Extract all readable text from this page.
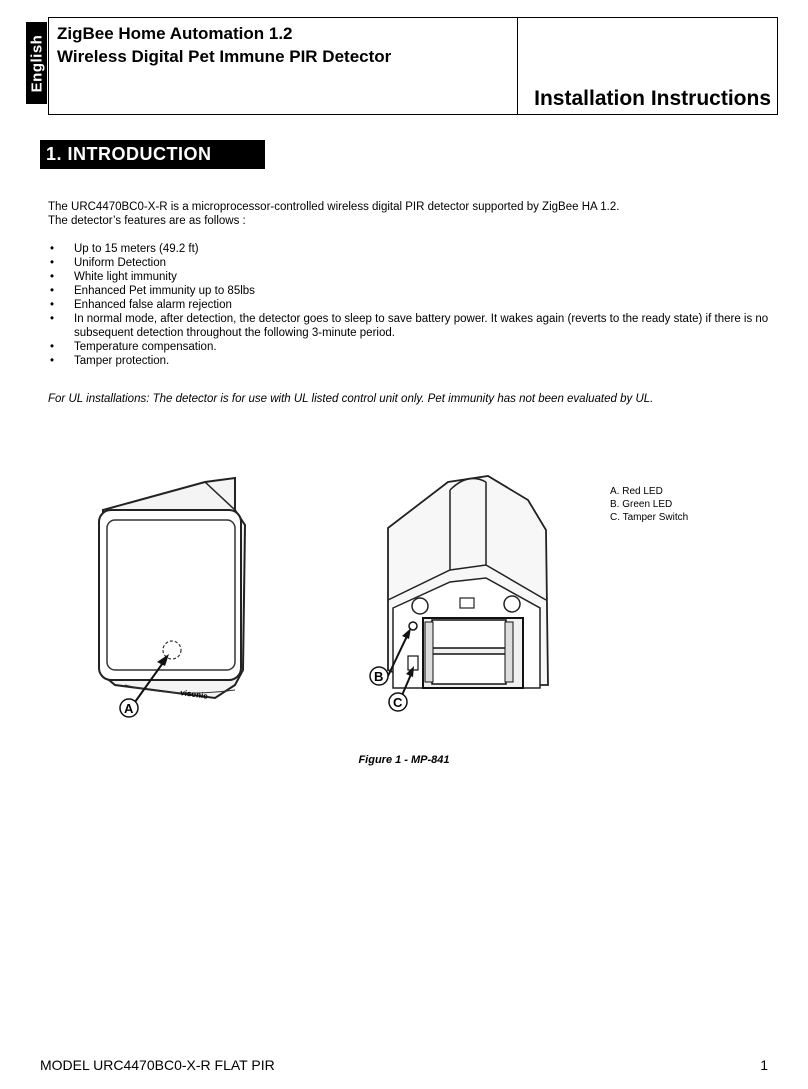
English
ZigBee Home Automation 1.2
Wireless Digital Pet Immune PIR Detector
Installation Instructions
1. INTRODUCTION
The URC4470BC0-X-R is a microprocessor-controlled wireless digital PIR detector supported by ZigBee HA 1.2.
The detector’s features are as follows :
• Up to 15 meters (49.2 ft)
• Uniform Detection
• White light immunity
• Enhanced Pet immunity up to 85lbs
• Enhanced false alarm rejection
• In normal mode, after detection, the detector goes to sleep to save battery power. It wakes again (reverts to the ready state) if there is no subsequent detection throughout the following 3-minute period.
• Temperature compensation.
• Tamper protection.
For UL installations: The detector is for use with UL listed control unit only. Pet immunity has not been evaluated by UL.
visonic
A
B
C
A. Red LED
B. Green LED
C. Tamper Switch
Figure 1 - MP-841
MODEL URC4470BC0-X-R FLAT PIR	1
